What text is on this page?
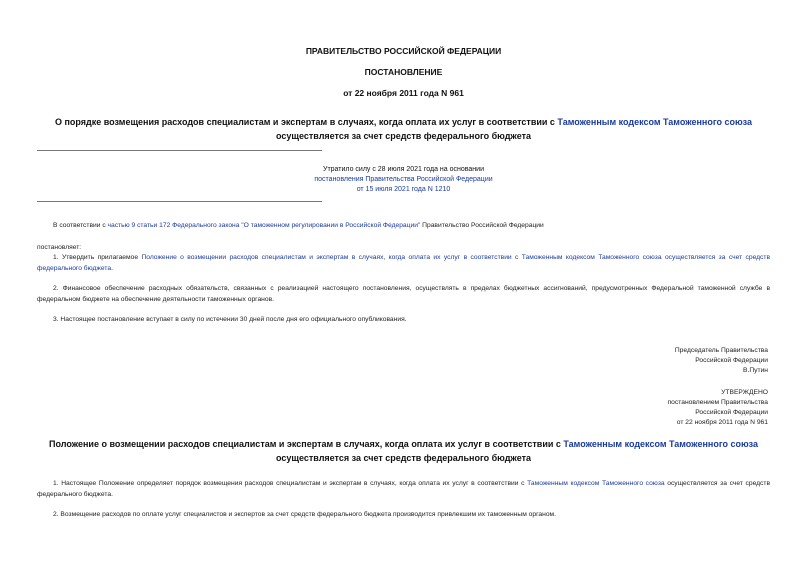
ПРАВИТЕЛЬСТВО РОССИЙСКОЙ ФЕДЕРАЦИИ
ПОСТАНОВЛЕНИЕ
от 22 ноября 2011 года N 961
О порядке возмещения расходов специалистам и экспертам в случаях, когда оплата их услуг в соответствии с Таможенным кодексом Таможенного союза
осуществляется за счет средств федерального бюджета
Утратило силу с 28 июля 2021 года на основании
постановления Правительства Российской Федерации
от 15 июля 2021 года N 1210
В соответствии с частью 9 статьи 172 Федерального закона "О таможенном регулировании в Российской Федерации" Правительство Российской Федерации
постановляет:
1. Утвердить прилагаемое Положение о возмещении расходов специалистам и экспертам в случаях, когда оплата их услуг в соответствии с Таможенным кодексом Таможенного союза осуществляется за счет средств федерального бюджета.
2. Финансовое обеспечение расходных обязательств, связанных с реализацией настоящего постановления, осуществлять в пределах бюджетных ассигнований, предусмотренных Федеральной таможенной службе в федеральном бюджете на обеспечение деятельности таможенных органов.
3. Настоящее постановление вступает в силу по истечении 30 дней после дня его официального опубликования.
Председатель Правительства
Российской Федерации
В.Путин
УТВЕРЖДЕНО
постановлением Правительства
Российской Федерации
от 22 ноября 2011 года N 961
Положение о возмещении расходов специалистам и экспертам в случаях, когда оплата их услуг в соответствии с Таможенным кодексом Таможенного союза
осуществляется за счет средств федерального бюджета
1. Настоящее Положение определяет порядок возмещения расходов специалистам и экспертам в случаях, когда оплата их услуг в соответствии с Таможенным кодексом Таможенного союза осуществляется за счет средств федерального бюджета.
2. Возмещение расходов по оплате услуг специалистов и экспертов за счет средств федерального бюджета производится привлекшим их таможенным органом.
